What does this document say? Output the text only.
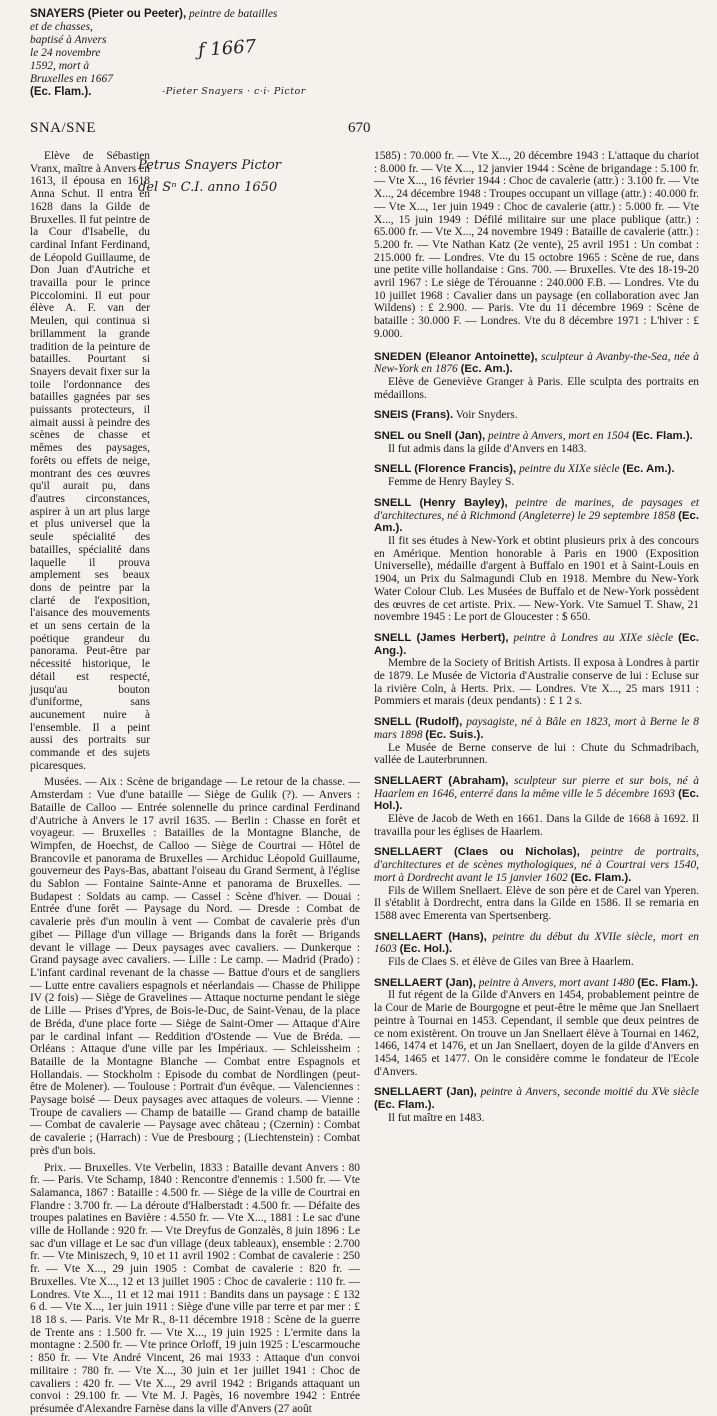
SNAYERS (Pieter ou Peeter), peintre de batailles
et de chasses,
baptisé à Anvers
le 24 novembre
1592, mort à
Bruxelles en 1667
(Ec. Flam.).
ƒ 1667
-Pieter Snayers · c·i· Pictor
SNA/SNE	670

Elève de Sébastien Vranx, maître à Anvers en 1613, il épousa en 1618 Anna Schut. Il entra en 1628 dans la Gilde de Bruxelles. Il fut peintre de la Cour d'Isabelle, du cardinal Infant Ferdinand, de Léopold Guillaume, de Don Juan d'Autriche et travailla pour le prince Piccolomini. Il eut pour élève A. F. van der Meulen, qui continua si brillamment la grande tradition de la peinture de batailles. Pourtant si Snayers devait fixer sur la toile l'ordonnance des batailles gagnées par ses puissants protecteurs, il aimait aussi à peindre des scènes de chasse et mêmes des paysages, forêts ou effets de neige, montrant des ces œuvres qu'il aurait pu, dans d'autres circonstances, aspirer à un art plus large et plus universel que la seule spécialité des batailles, spécialité dans laquelle il prouva amplement ses beaux dons de peintre par la clarté de l'exposition, l'aisance des mouvements et un sens certain de la poétique grandeur du panorama. Peut-être par nécessité historique, le détail est respecté, jusqu'au bouton d'uniforme, sans aucunement nuire à l'ensemble. Il a peint aussi des portraits sur commande et des sujets picaresques.

Musées. — Aix : Scène de brigandage — Le retour de la chasse. — Amsterdam : Vue d'une bataille — Siège de Gulik (?). — Anvers : Bataille de Calloo — Entrée solennelle du prince cardinal Ferdinand d'Autriche à Anvers le 17 avril 1635. — Berlin : Chasse en forêt et voyageur. — Bruxelles : Batailles de la Montagne Blanche, de Wimpfen, de Hoechst, de Calloo — Siège de Courtrai — Hôtel de Brancovile et panorama de Bruxelles — Archiduc Léopold Guillaume, gouverneur des Pays-Bas, abattant l'oiseau du Grand Serment, à l'église du Sablon — Fontaine Sainte-Anne et panorama de Bruxelles. — Budapest : Soldats au camp. — Cassel : Scène d'hiver. — Douai : Entrée d'une forêt — Paysage du Nord. — Dresde : Combat de cavalerie près d'un moulin à vent — Combat de cavalerie près d'un gibet — Pillage d'un village — Brigands dans la forêt — Brigands devant le village — Deux paysages avec cavaliers. — Dunkerque : Grand paysage avec cavaliers. — Lille : Le camp. — Madrid (Prado) : L'infant cardinal revenant de la chasse — Battue d'ours et de sangliers — Lutte entre cavaliers espagnols et néerlandais — Chasse de Philippe IV (2 fois) — Siège de Gravelines — Attaque nocturne pendant le siège de Lille — Prises d'Ypres, de Bois-le-Duc, de Saint-Venau, de la place de Bréda, d'une place forte — Siège de Saint-Omer — Attaque d'Aire par le cardinal infant — Reddition d'Ostende — Vue de Bréda. — Orléans : Attaque d'une ville par les Impériaux. — Schleissheim : Bataille de la Montagne Blanche — Combat entre Espagnols et Hollandais. — Stockholm : Episode du combat de Nordlingen (peut-être de Molener). — Toulouse : Portrait d'un évêque. — Valenciennes : Paysage boisé — Deux paysages avec attaques de voleurs. — Vienne : Troupe de cavaliers — Champ de bataille — Grand champ de bataille — Combat de cavalerie — Paysage avec château ; (Czernin) : Combat de cavalerie ; (Harrach) : Vue de Presbourg ; (Liechtenstein) : Combat près d'un bois.

Prix. — Bruxelles. Vte Verbelin, 1833 : Bataille devant Anvers : 80 fr. — Paris. Vte Schamp, 1840 : Rencontre d'ennemis : 1.500 fr. — Vte Salamanca, 1867 : Bataille : 4.500 fr. — Siège de la ville de Courtrai en Flandre : 3.700 fr. — La déroute d'Halberstadt : 4.500 fr. — Défaite des troupes palatines en Bavière : 4.550 fr. — Vte X..., 1881 : Le sac d'une ville de Hollande : 920 fr. — Vte Dreyfus de Gonzalès, 8 juin 1896 : Le sac d'un village et Le sac d'un village (deux tableaux), ensemble : 2.700 fr. — Vte Miniszech, 9, 10 et 11 avril 1902 : Combat de cavalerie : 250 fr. — Vte X..., 29 juin 1905 : Combat de cavalerie : 820 fr. — Bruxelles. Vte X..., 12 et 13 juillet 1905 : Choc de cavalerie : 110 fr. — Londres. Vte X..., 11 et 12 mai 1911 : Bandits dans un paysage : £ 132 6 d. — Vte X..., 1er juin 1911 : Siège d'une ville par terre et par mer : £ 18 18 s. — Paris. Vte Mr R., 8-11 décembre 1918 : Scène de la guerre de Trente ans : 1.500 fr. — Vte X..., 19 juin 1925 : L'ermite dans la montagne : 2.500 fr. — Vte prince Orloff, 19 juin 1925 : L'escarmouche : 850 fr. — Vte André Vincent, 26 mai 1933 : Attaque d'un convoi militaire : 780 fr. — Vte X..., 30 juin et 1er juillet 1941 : Choc de cavaliers : 420 fr. — Vte X..., 29 avril 1942 : Brigands attaquant un convoi : 29.100 fr. — Vte M. J. Pagès, 16 novembre 1942 : Entrée présumée d'Alexandre Farnèse dans la ville d'Anvers (27 août

Petrus Snayers Pictor
del Sⁿ C.I. anno 1650

1585) : 70.000 fr. — Vte X..., 20 décembre 1943 : L'attaque du chariot : 8.000 fr. — Vte X..., 12 janvier 1944 : Scène de brigandage : 5.100 fr. — Vte X..., 16 février 1944 : Choc de cavalerie (attr.) : 3.100 fr. — Vte X..., 24 décembre 1948 : Troupes occupant un village (attr.) : 40.000 fr. — Vte X..., 1er juin 1949 : Choc de cavalerie (attr.) : 5.000 fr. — Vte X..., 15 juin 1949 : Défilé militaire sur une place publique (attr.) : 65.000 fr. — Vte X..., 24 novembre 1949 : Bataille de cavalerie (attr.) : 5.200 fr. — Vte Nathan Katz (2e vente), 25 avril 1951 : Un combat : 215.000 fr. — Londres. Vte du 15 octobre 1965 : Scène de rue, dans une petite ville hollandaise : Gns. 700. — Bruxelles. Vte des 18-19-20 avril 1967 : Le siège de Térouanne : 240.000 F.B. — Londres. Vte du 10 juillet 1968 : Cavalier dans un paysage (en collaboration avec Jan Wildens) : £ 2.900. — Paris. Vte du 11 décembre 1969 : Scène de bataille : 30.000 F. — Londres. Vte du 8 décembre 1971 : L'hiver : £ 9.000.

SNEDEN (Eleanor Antoinette), sculpteur à Avanby-the-Sea, née à New-York en 1876 (Ec. Am.).

Elève de Geneviève Granger à Paris. Elle sculpta des portraits en médaillons.

SNEIS (Frans). Voir Snyders.

SNEL ou Snell (Jan), peintre à Anvers, mort en 1504 (Ec. Flam.).

Il fut admis dans la gilde d'Anvers en 1483.

SNELL (Florence Francis), peintre du XIXe siècle (Ec. Am.).

Femme de Henry Bayley S.

SNELL (Henry Bayley), peintre de marines, de paysages et d'architectures, né à Richmond (Angleterre) le 29 septembre 1858 (Ec. Am.).

Il fit ses études à New-York et obtint plusieurs prix à des concours en Amérique. Mention honorable à Paris en 1900 (Exposition Universelle), médaille d'argent à Buffalo en 1901 et à Saint-Louis en 1904, un Prix du Salmagundi Club en 1918. Membre du New-York Water Colour Club. Les Musées de Buffalo et de New-York possèdent des œuvres de cet artiste. Prix. — New-York. Vte Samuel T. Shaw, 21 novembre 1945 : Le port de Gloucester : $ 650.

SNELL (James Herbert), peintre à Londres au XIXe siècle (Ec. Ang.).

Membre de la Society of British Artists. Il exposa à Londres à partir de 1879. Le Musée de Victoria d'Australie conserve de lui : Ecluse sur la rivière Coln, à Herts. Prix. — Londres. Vte X..., 25 mars 1911 : Pommiers et marais (deux pendants) : £ 1 2 s.

SNELL (Rudolf), paysagiste, né à Bâle en 1823, mort à Berne le 8 mars 1898 (Ec. Suis.).

Le Musée de Berne conserve de lui : Chute du Schmadribach, vallée de Lauterbrunnen.

SNELLAERT (Abraham), sculpteur sur pierre et sur bois, né à Haarlem en 1646, enterré dans la même ville le 5 décembre 1693 (Ec. Hol.).

Elève de Jacob de Weth en 1661. Dans la Gilde de 1668 à 1692. Il travailla pour les églises de Haarlem.

SNELLAERT (Claes ou Nicholas), peintre de portraits, d'architectures et de scènes mythologiques, né à Courtrai vers 1540, mort à Dordrecht avant le 15 janvier 1602 (Ec. Flam.).

Fils de Willem Snellaert. Elève de son père et de Carel van Yperen. Il s'établit à Dordrecht, entra dans la Gilde en 1586. Il se remaria en 1588 avec Emerenta van Spertsenberg.

SNELLAERT (Hans), peintre du début du XVIIe siècle, mort en 1603 (Ec. Hol.).

Fils de Claes S. et élève de Giles van Bree à Haarlem.

SNELLAERT (Jan), peintre à Anvers, mort avant 1480 (Ec. Flam.).

Il fut régent de la Gilde d'Anvers en 1454, probablement peintre de la Cour de Marie de Bourgogne et peut-être le même que Jan Snellaert peintre à Tournai en 1453. Cependant, il semble que deux peintres de ce nom existèrent. On trouve un Jan Snellaert élève à Tournai en 1462, 1466, 1474 et 1476, et un Jan Snellaert, doyen de la gilde d'Anvers en 1454, 1465 et 1477. On le considère comme le fondateur de l'Ecole d'Anvers.

SNELLAERT (Jan), peintre à Anvers, seconde moitié du XVe siècle (Ec. Flam.).

Il fut maître en 1483.
